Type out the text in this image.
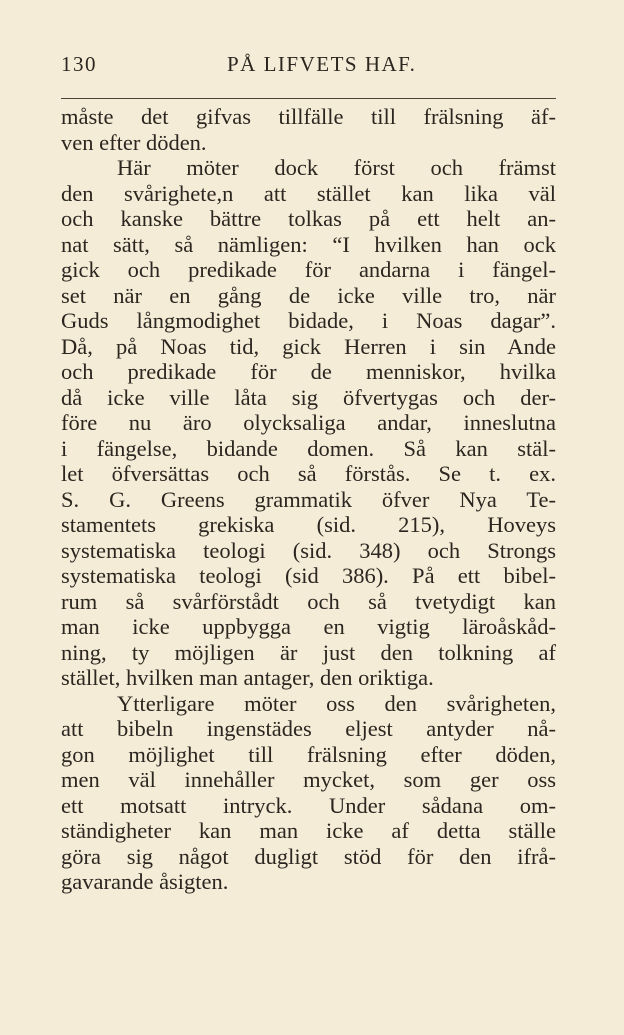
130	PÅ LIFVETS HAF.
måste det gifvas tillfälle till frälsning äf-
ven efter döden.
Här möter dock först och främst
den svårighete,n att stället kan lika väl
och kanske bättre tolkas på ett helt an-
nat sätt, så nämligen: “I hvilken han ock
gick och predikade för andarna i fängel-
set när en gång de icke ville tro, när
Guds långmodighet bidade, i Noas dagar”.
Då, på Noas tid, gick Herren i sin Ande
och predikade för de menniskor, hvilka
då icke ville låta sig öfvertygas och der-
före nu äro olycksaliga andar, inneslutna
i fängelse, bidande domen. Så kan stäl-
let öfversättas och så förstås. Se t. ex.
S. G. Greens grammatik öfver Nya Te-
stamentets grekiska (sid. 215), Hoveys
systematiska teologi (sid. 348) och Strongs
systematiska teologi (sid 386). På ett bibel-
rum så svårförstådt och så tvetydigt kan
man icke uppbygga en vigtig läroåskåd-
ning, ty möjligen är just den tolkning af
stället, hvilken man antager, den oriktiga.
Ytterligare möter oss den svårigheten,
att bibeln ingenstädes eljest antyder nå-
gon möjlighet till frälsning efter döden,
men väl innehåller mycket, som ger oss
ett motsatt intryck. Under sådana om-
ständigheter kan man icke af detta ställe
göra sig något dugligt stöd för den ifrå-
gavarande åsigten.
